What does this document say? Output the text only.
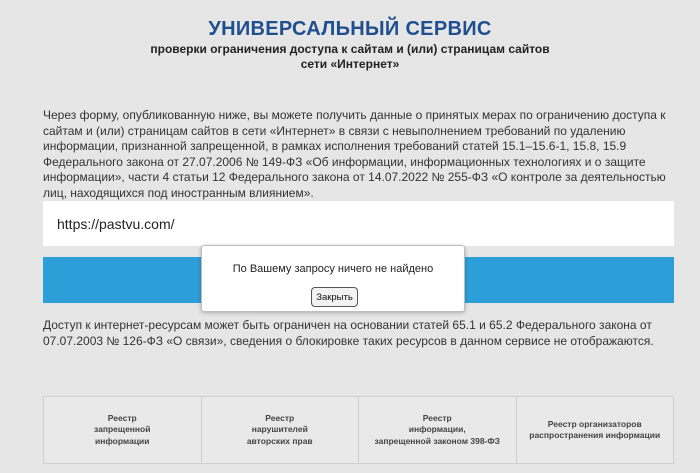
УНИВЕРСАЛЬНЫЙ СЕРВИС
проверки ограничения доступа к сайтам и (или) страницам сайтов
сети «Интернет»
Через форму, опубликованную ниже, вы можете получить данные о принятых мерах по ограничению доступа к сайтам и (или) страницам сайтов в сети «Интернет» в связи с невыполнением требований по удалению информации, признанной запрещенной, в рамках исполнения требований статей 15.1–15.6-1, 15.8, 15.9 Федерального закона от 27.07.2006 № 149-ФЗ «Об информации, информационных технологиях и о защите информации», части 4 статьи 12 Федерального закона от 14.07.2022 № 255-ФЗ «О контроле за деятельностью лиц, находящихся под иностранным влиянием».
https://pastvu.com/
Доступ к интернет-ресурсам может быть ограничен на основании статей 65.1 и 65.2 Федерального закона от 07.07.2003 № 126-ФЗ «О связи», сведения о блокировке таких ресурсов в данном сервисе не отображаются.
По Вашему запросу ничего не найдено
Закрыть
Реестр
запрещенной
информации
Реестр
нарушителей
авторских прав
Реестр
информации,
запрещенной законом 398-ФЗ
Реестр организаторов
распространения информации
